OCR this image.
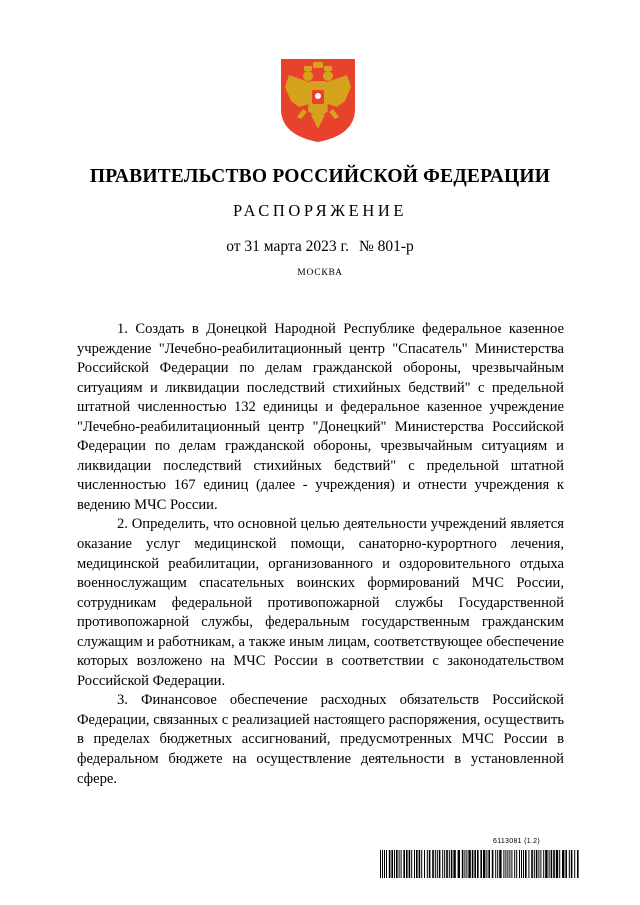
ПРАВИТЕЛЬСТВО РОССИЙСКОЙ ФЕДЕРАЦИИ
РАСПОРЯЖЕНИЕ
от 31 марта 2023 г. № 801-р
МОСКВА

1. Создать в Донецкой Народной Республике федеральное казенное учреждение "Лечебно-реабилитационный центр "Спасатель" Министерства Российской Федерации по делам гражданской обороны, чрезвычайным ситуациям и ликвидации последствий стихийных бедствий" с предельной штатной численностью 132 единицы и федеральное казенное учреждение "Лечебно-реабилитационный центр "Донецкий" Министерства Российской Федерации по делам гражданской обороны, чрезвычайным ситуациям и ликвидации последствий стихийных бедствий" с предельной штатной численностью 167 единиц (далее - учреждения) и отнести учреждения к ведению МЧС России.

2. Определить, что основной целью деятельности учреждений является оказание услуг медицинской помощи, санаторно-курортного лечения, медицинской реабилитации, организованного и оздоровительного отдыха военнослужащим спасательных воинских формирований МЧС России, сотрудникам федеральной противопожарной службы Государственной противопожарной службы, федеральным государственным гражданским служащим и работникам, а также иным лицам, соответствующее обеспечение которых возложено на МЧС России в соответствии с законодательством Российской Федерации.

3. Финансовое обеспечение расходных обязательств Российской Федерации, связанных с реализацией настоящего распоряжения, осуществить в пределах бюджетных ассигнований, предусмотренных МЧС России в федеральном бюджете на осуществление деятельности в установленной сфере.

6113081 (1.2)
